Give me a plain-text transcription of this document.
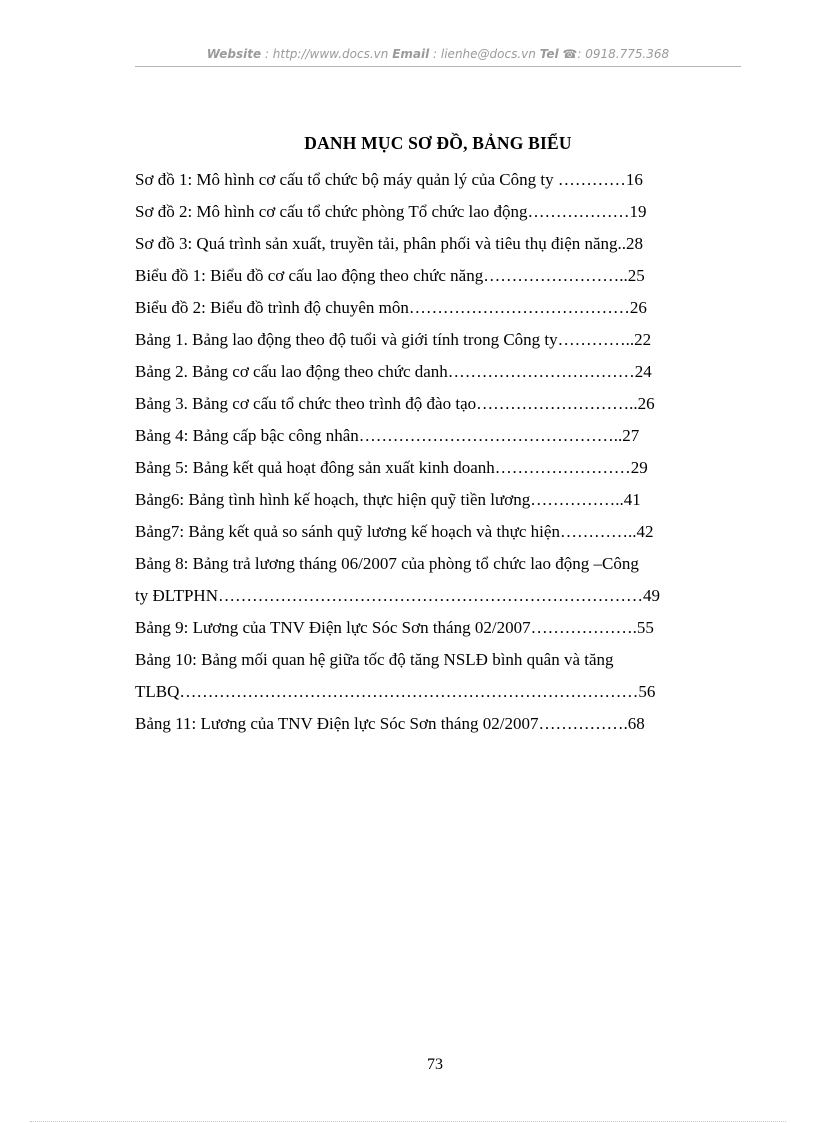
Website : http://www.docs.vn Email : lienhe@docs.vn Tel ☎: 0918.775.368
DANH MỤC SƠ ĐỒ, BẢNG BIỂU
Sơ đồ 1: Mô hình cơ cấu tổ chức bộ máy quản lý của Công ty …………16
Sơ đồ 2: Mô hình cơ cấu tổ chức phòng Tổ chức lao động………………19
Sơ đồ 3: Quá trình sản xuất, truyền tải, phân phối và tiêu thụ điện năng..28
Biểu đồ 1: Biểu đồ cơ cấu lao động theo chức năng……………………..25
Biểu đồ 2: Biểu đồ trình độ chuyên môn…………………………………26
Bảng 1. Bảng lao động theo độ tuổi và giới tính trong Công ty…………..22
Bảng 2. Bảng cơ cấu lao động theo chức danh……………………………24
Bảng 3. Bảng cơ cấu tổ chức theo trình độ đào tạo………………………..26
Bảng 4: Bảng cấp bậc công nhân………………………………………..27
Bảng 5: Bảng kết quả hoạt đông sản xuất kinh doanh……………………29
Bảng6: Bảng tình hình kế hoạch, thực hiện quỹ tiền lương……………..41
Bảng7: Bảng kết quả so sánh quỹ lương kế hoạch và thực hiện…………..42
Bảng 8: Bảng trả lương tháng 06/2007 của phòng tổ chức lao động –Công
ty ĐLTPHN…………………………………………………………………49
Bảng 9: Lương của TNV Điện lực Sóc Sơn tháng 02/2007……………….55
Bảng 10: Bảng mối quan hệ giữa tốc độ tăng NSLĐ bình quân và tăng
TLBQ………………………………………………………………………56
Bảng 11: Lương của TNV Điện lực Sóc Sơn tháng 02/2007…………….68
73
